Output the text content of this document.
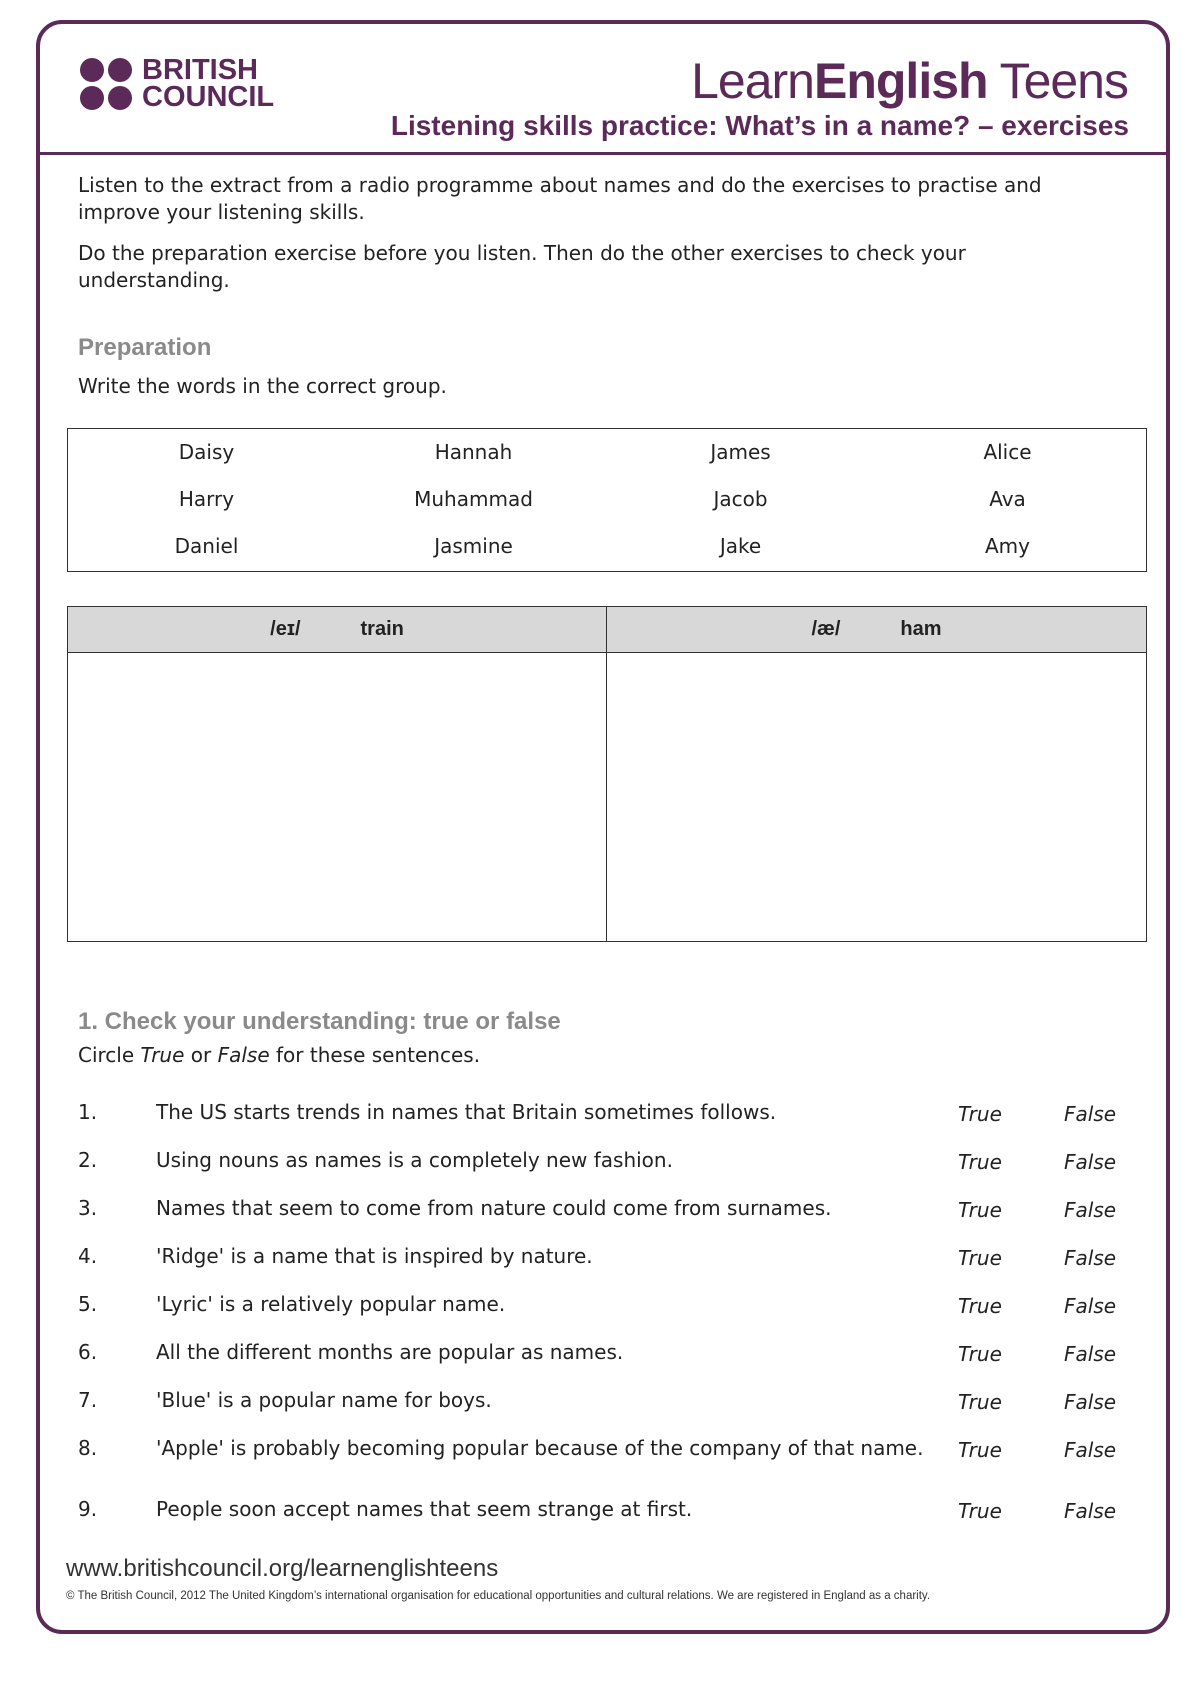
BRITISH
COUNCIL	LearnEnglish Teens
Listening skills practice: What’s in a name? – exercises
Listen to the extract from a radio programme about names and do the exercises to practise and improve your listening skills.
Do the preparation exercise before you listen. Then do the other exercises to check your understanding.
Preparation
Write the words in the correct group.
Daisy	Hannah	James	Alice
Harry	Muhammad	Jacob	Ava
Daniel	Jasmine	Jake	Amy
/eɪ/	train	/æ/	ham
1. Check your understanding: true or false
Circle True or False for these sentences.
1.	The US starts trends in names that Britain sometimes follows.	True	False
2.	Using nouns as names is a completely new fashion.	True	False
3.	Names that seem to come from nature could come from surnames.	True	False
4.	'Ridge' is a name that is inspired by nature.	True	False
5.	'Lyric' is a relatively popular name.	True	False
6.	All the different months are popular as names.	True	False
7.	'Blue' is a popular name for boys.	True	False
8.	'Apple' is probably becoming popular because of the company of that name.	True	False
9.	People soon accept names that seem strange at first.	True	False
www.britishcouncil.org/learnenglishteens
© The British Council, 2012 The United Kingdom’s international organisation for educational opportunities and cultural relations. We are registered in England as a charity.
